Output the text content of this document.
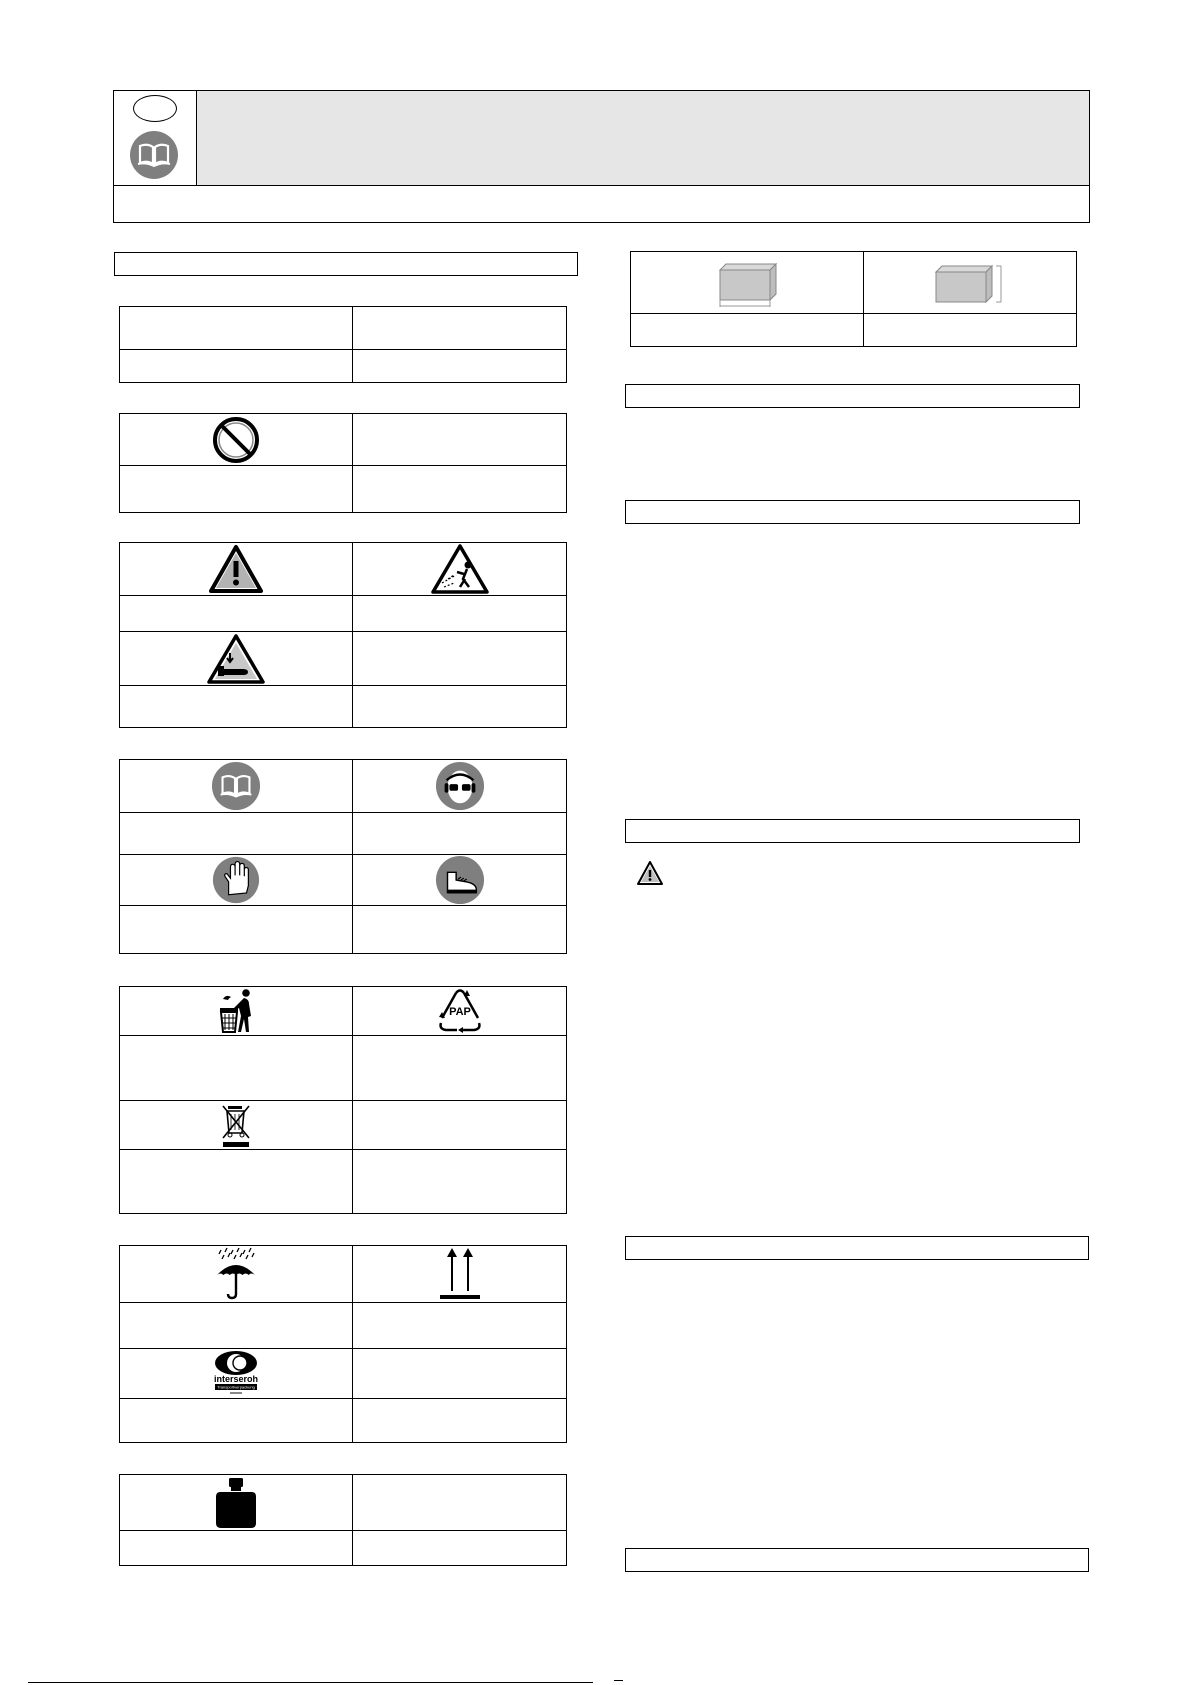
PAP

interseroh
Transportverpackung	
